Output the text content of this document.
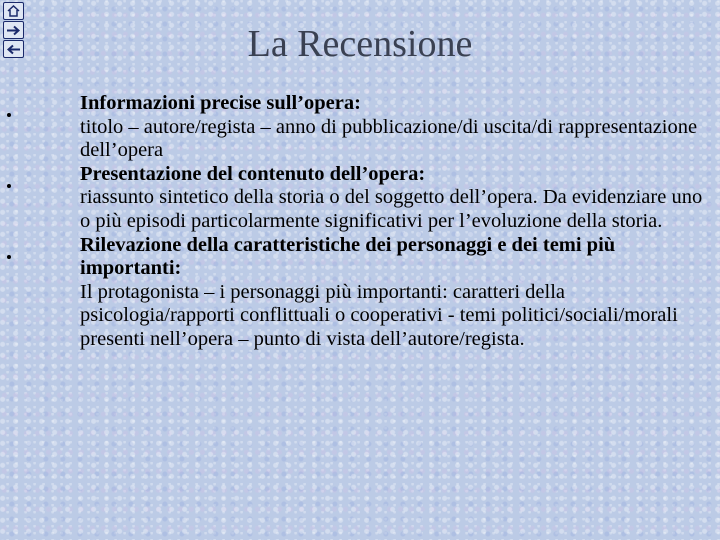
La Recensione
Informazioni precise sull’opera:
titolo – autore/regista – anno di pubblicazione/di uscita/di rappresentazione dell’opera
Presentazione del contenuto dell’opera:
riassunto sintetico della storia o del soggetto dell’opera. Da evidenziare uno o più episodi particolarmente significativi per l’evoluzione della storia.
Rilevazione della caratteristiche dei personaggi e dei temi più importanti:
Il protagonista – i personaggi più importanti: caratteri della psicologia/rapporti conflittuali o cooperativi - temi politici/sociali/morali presenti nell’opera – punto di vista dell’autore/regista.
